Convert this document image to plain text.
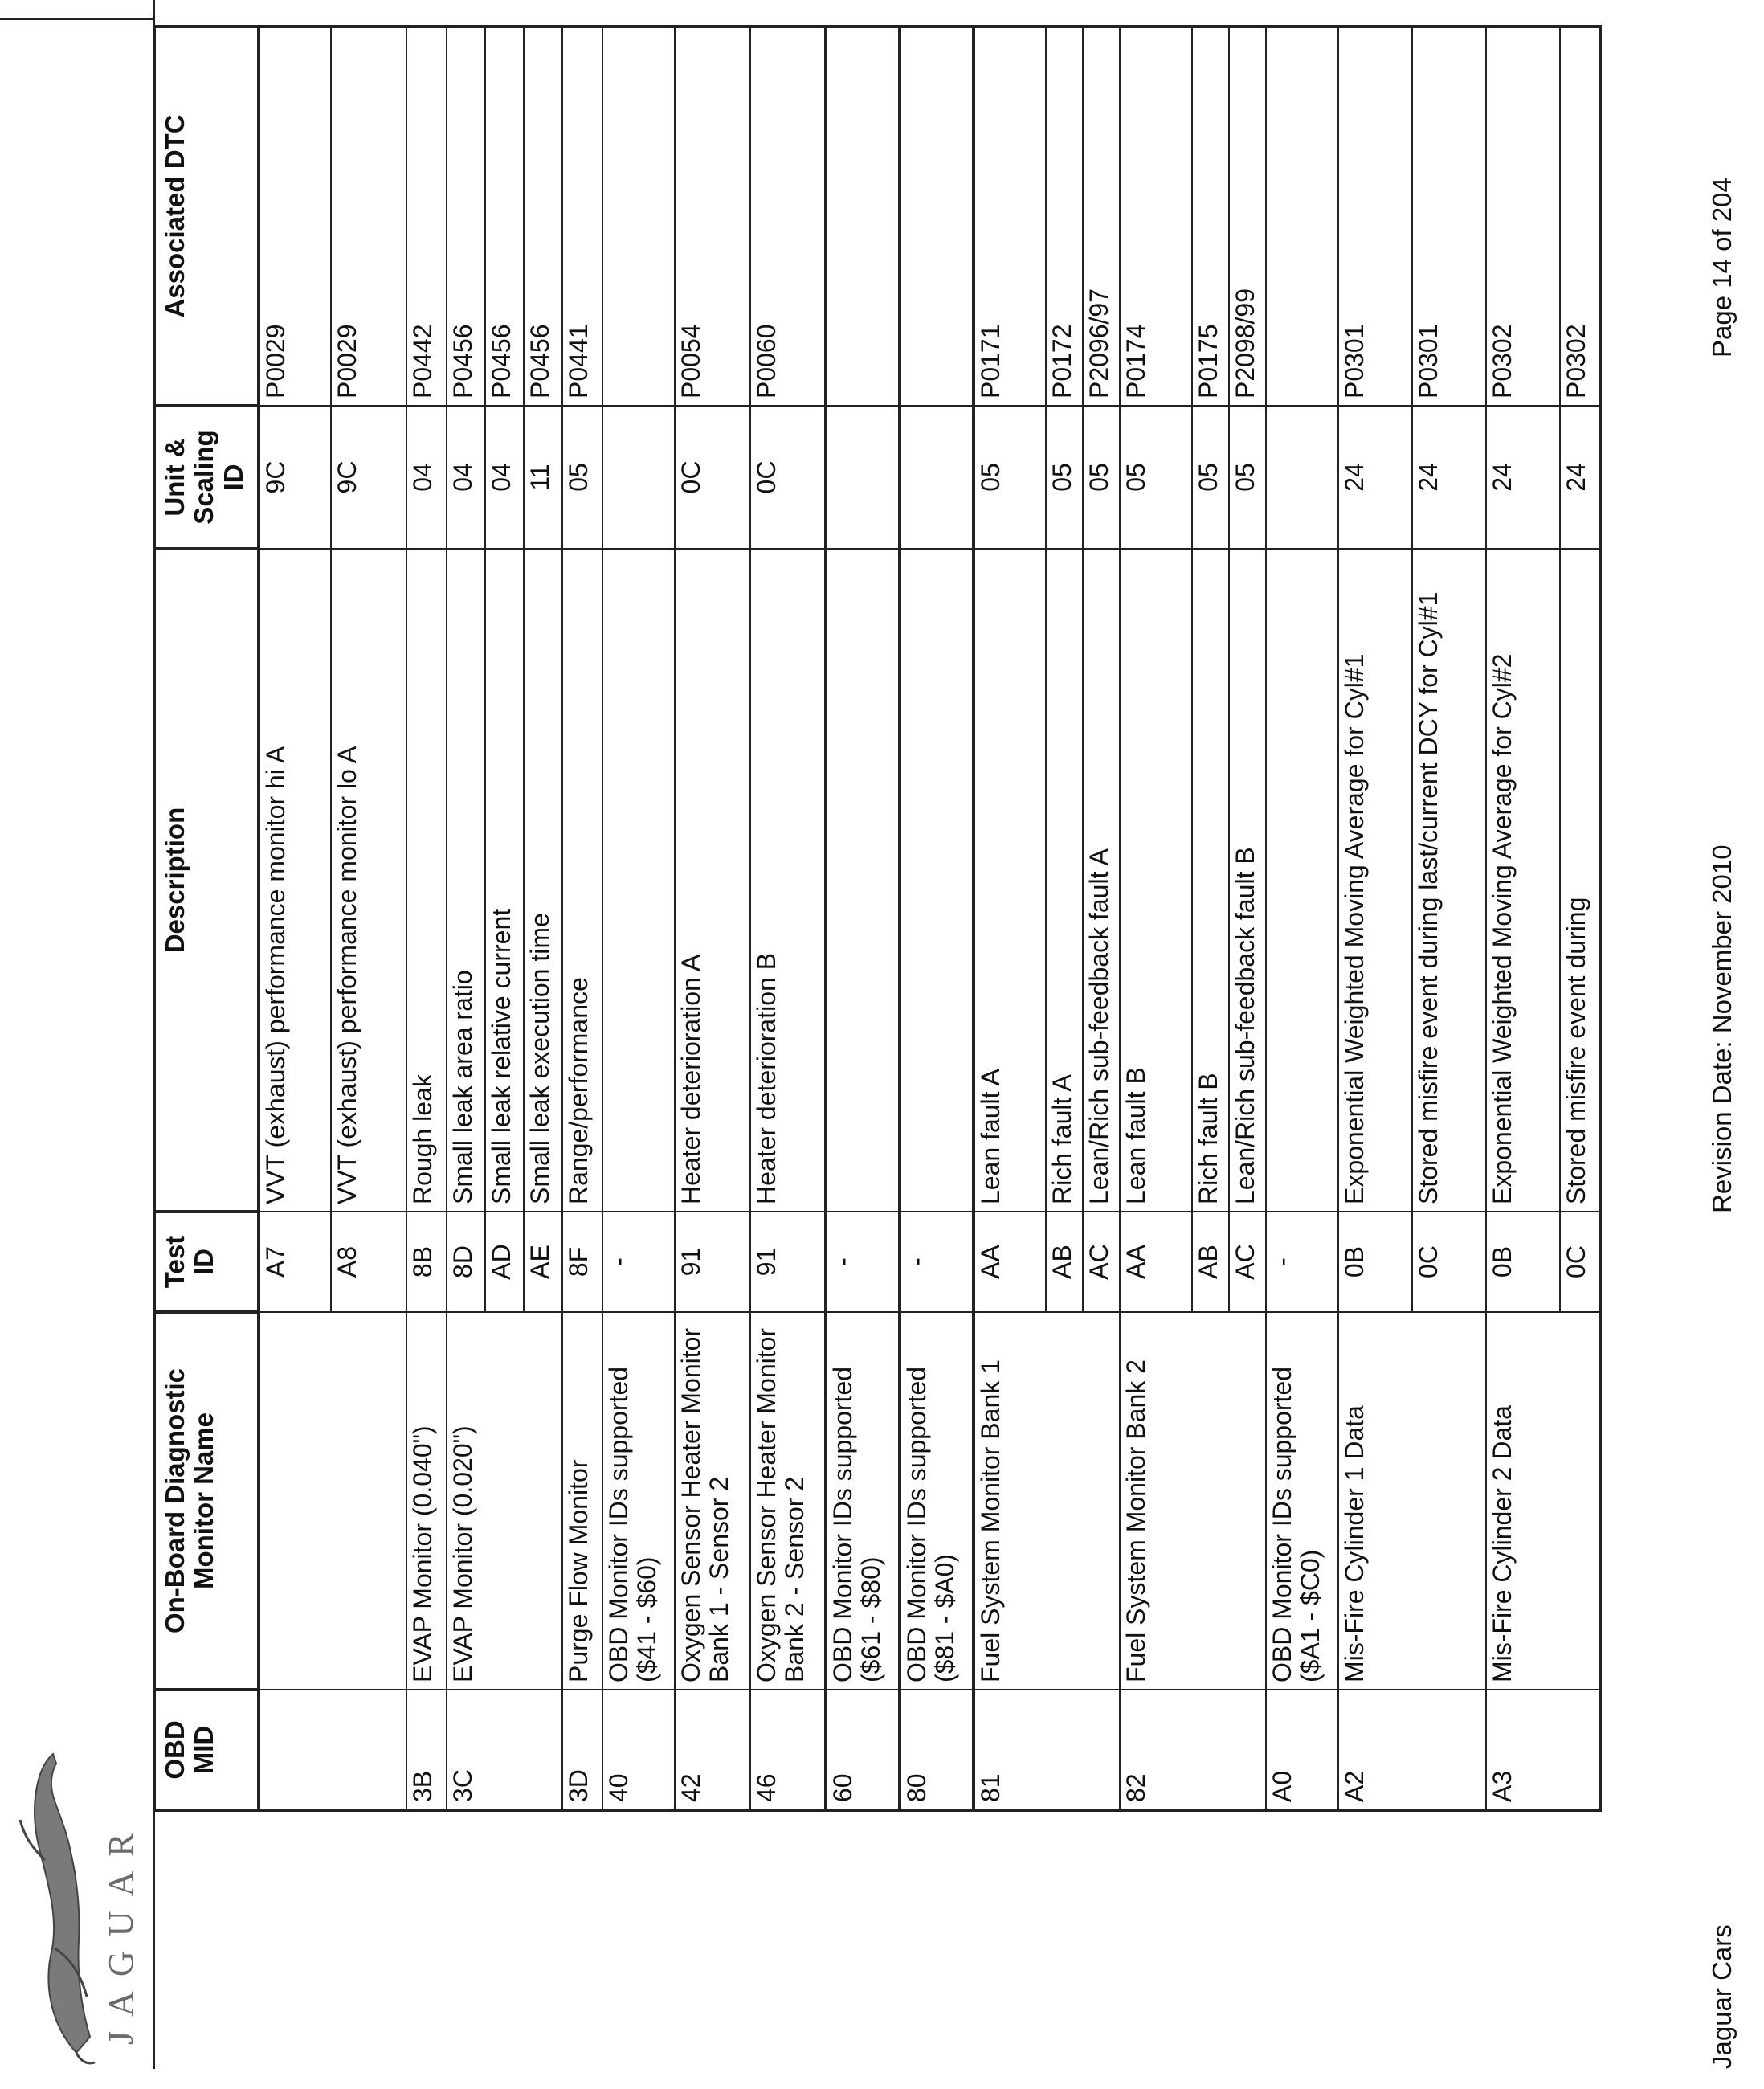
JAGUAR
OBD MID	On-Board Diagnostic Monitor Name	Test ID	Description	Unit & Scaling ID	Associated DTC
		A7	VVT (exhaust) performance monitor hi A	9C	P0029
		A8	VVT (exhaust) performance monitor lo A	9C	P0029
3B	EVAP Monitor (0.040")	8B	Rough leak	04	P0442
3C	EVAP Monitor (0.020")	8D	Small leak area ratio	04	P0456
		AD	Small leak relative current	04	P0456
		AE	Small leak execution time	11	P0456
3D	Purge Flow Monitor	8F	Range/performance	05	P0441
40	OBD Monitor IDs supported ($41 - $60)	-			
42	Oxygen Sensor Heater Monitor Bank 1 - Sensor 2	91	Heater deterioration A	0C	P0054
46	Oxygen Sensor Heater Monitor Bank 2 - Sensor 2	91	Heater deterioration B	0C	P0060
60	OBD Monitor IDs supported ($61 - $80)	-			
80	OBD Monitor IDs supported ($81 - $A0)	-			
81	Fuel System Monitor Bank 1	AA	Lean fault A	05	P0171
		AB	Rich fault A	05	P0172
		AC	Lean/Rich sub-feedback fault A	05	P2096/97
82	Fuel System Monitor Bank 2	AA	Lean fault B	05	P0174
		AB	Rich fault B	05	P0175
		AC	Lean/Rich sub-feedback fault B	05	P2098/99
A0	OBD Monitor IDs supported ($A1 - $C0)	-			
A2	Mis-Fire Cylinder 1 Data	0B	Exponential Weighted Moving Average for Cyl#1	24	P0301
		0C	Stored misfire event during last/current DCY for Cyl#1	24	P0301
A3	Mis-Fire Cylinder 2 Data	0B	Exponential Weighted Moving Average for Cyl#2	24	P0302
		0C	Stored misfire event during	24	P0302
Jaguar Cars
Revision Date: November 2010
Page 14 of 204
